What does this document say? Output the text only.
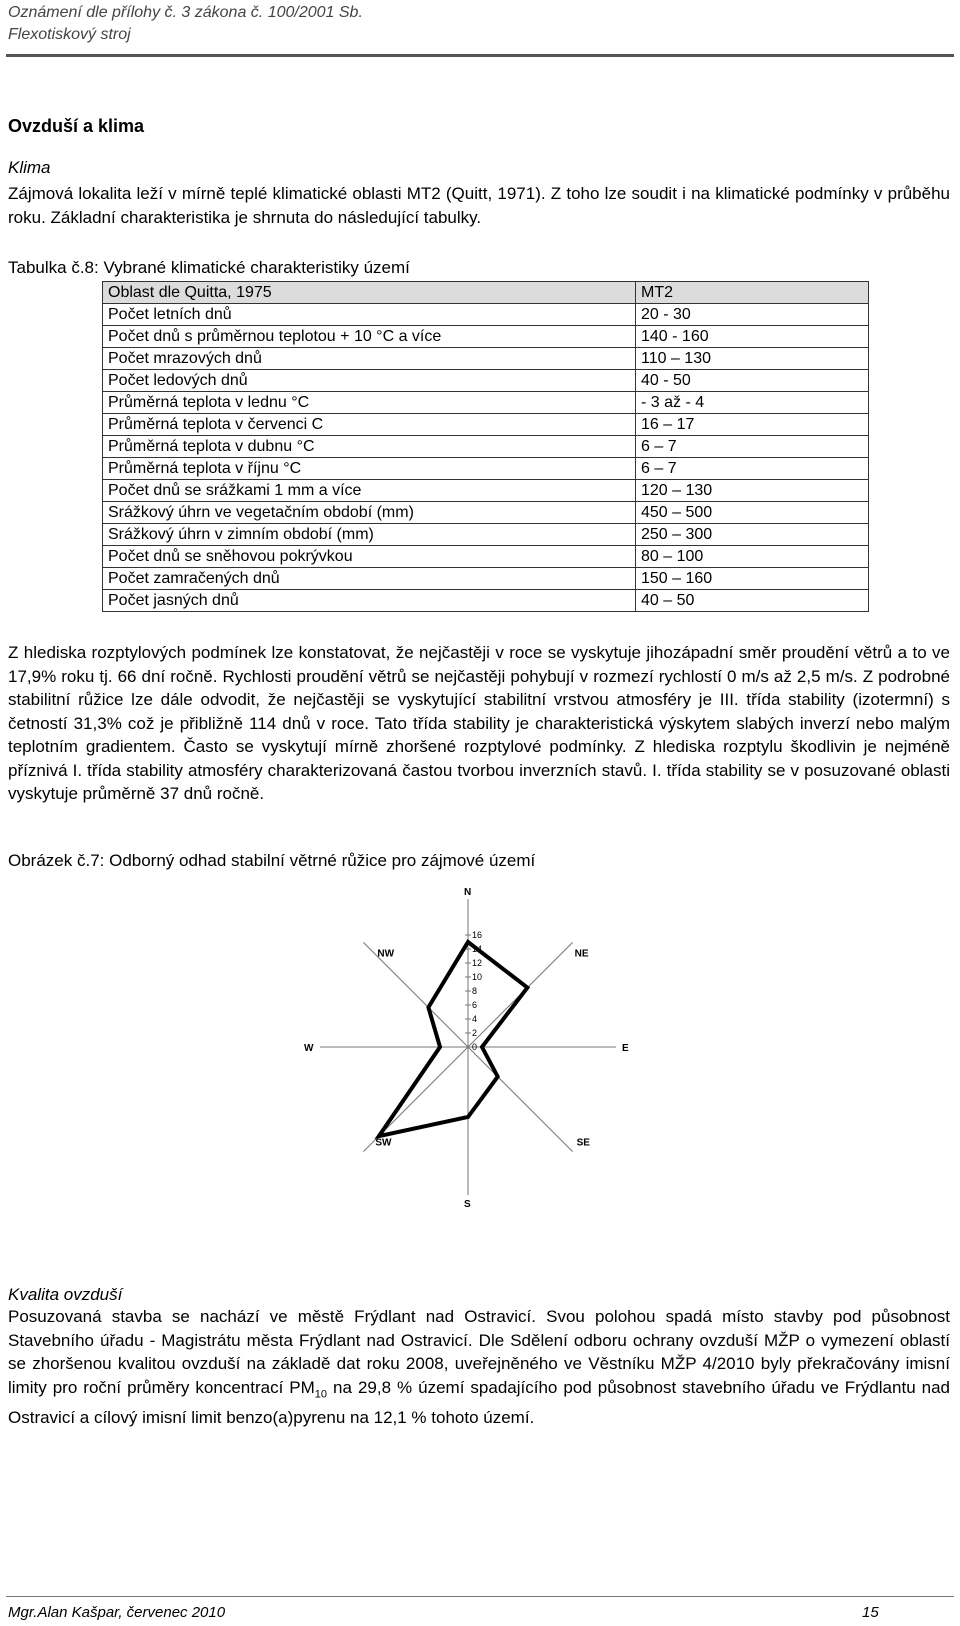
Oznámení dle přílohy č. 3 zákona č. 100/2001 Sb.
Flexotiskový stroj
Ovzduší a klima
Klima
Zájmová lokalita leží v mírně teplé klimatické oblasti MT2 (Quitt, 1971). Z toho lze soudit i na klimatické podmínky v průběhu roku. Základní charakteristika je shrnuta do následující tabulky.
Tabulka č.8: Vybrané klimatické charakteristiky území
Oblast dle Quitta, 1975	MT2
Počet letních dnů	20 - 30
Počet dnů s průměrnou teplotou + 10 °C a více	140 - 160
Počet mrazových dnů	110 – 130
Počet ledových dnů	40 - 50
Průměrná teplota v lednu °C	- 3 až - 4
Průměrná teplota v červenci C	16 – 17
Průměrná teplota v dubnu °C	6 – 7
Průměrná teplota v říjnu °C	6 – 7
Počet dnů se srážkami 1 mm a více	120 – 130
Srážkový úhrn ve vegetačním období (mm)	450 – 500
Srážkový úhrn v zimním období (mm)	250 – 300
Počet dnů se sněhovou pokrývkou	80 – 100
Počet zamračených dnů	150 – 160
Počet jasných dnů	40 – 50
Z hlediska rozptylových podmínek lze konstatovat, že nejčastěji v roce se vyskytuje jihozápadní směr proudění větrů a to ve 17,9% roku tj. 66 dní ročně. Rychlosti proudění větrů se nejčastěji pohybují v rozmezí rychlostí 0 m/s až 2,5 m/s. Z podrobné stabilitní růžice lze dále odvodit, že nejčastěji se vyskytující stabilitní vrstvou atmosféry je III. třída stability (izotermní) s četností 31,3% což je přibližně 114 dnů v roce. Tato třída stability je charakteristická výskytem slabých inverzí nebo malým teplotním gradientem. Často se vyskytují mírně zhoršené rozptylové podmínky. Z hlediska rozptylu škodlivin je nejméně příznivá I. třída stability atmosféry charakterizovaná častou tvorbou inverzních stavů. I. třída stability se v posuzované oblasti vyskytuje průměrně 37 dnů ročně.
Obrázek č.7: Odborný odhad stabilní větrné růžice pro zájmové území
16
14
12
10
8
6
4
2
0
N
NE
E
SE
S
SW
W
NW
Kvalita ovzduší
Posuzovaná stavba se nachází ve městě Frýdlant nad Ostravicí. Svou polohou spadá místo stavby pod působnost Stavebního úřadu - Magistrátu města Frýdlant nad Ostravicí. Dle Sdělení odboru ochrany ovzduší MŽP o vymezení oblastí se zhoršenou kvalitou ovzduší na základě dat roku 2008, uveřejněného ve Věstníku MŽP 4/2010 byly překračovány imisní limity pro roční průměry koncentrací $PM_{10}$ na 29,8 % území spadajícího pod působnost stavebního úřadu ve Frýdlantu nad Ostravicí a cílový imisní limit benzo(a)pyrenu na 12,1 % tohoto území.
Mgr.Alan Kašpar, červenec 2010	15
